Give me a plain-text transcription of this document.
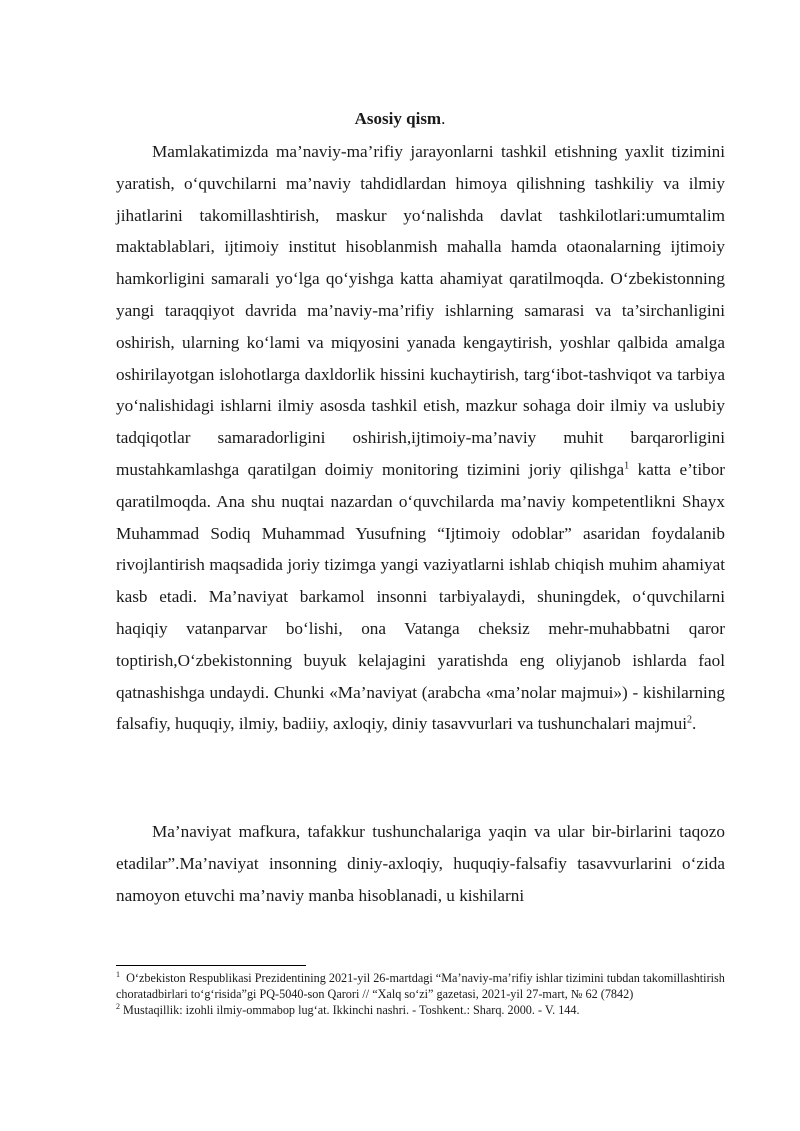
Asosiy qism.

Mamlakatimizda ma’naviy-ma’rifiy jarayonlarni tashkil etishning yaxlit tizimini yaratish, o‘quvchilarni ma’naviy tahdidlardan himoya qilishning tashkiliy va ilmiy jihatlarini takomillashtirish, maskur yo‘nalishda davlat tashkilotlari:umumtalim maktablablari, ijtimoiy institut hisoblanmish mahalla hamda otaonalarning ijtimoiy hamkorligini samarali yo‘lga qo‘yishga katta ahamiyat qaratilmoqda. O‘zbekistonning yangi taraqqiyot davrida ma’naviy-ma’rifiy ishlarning samarasi va ta’sirchanligini oshirish, ularning ko‘lami va miqyosini yanada kengaytirish, yoshlar qalbida amalga oshirilayotgan islohotlarga daxldorlik hissini kuchaytirish, targ‘ibot-tashviqot va tarbiya yo‘nalishidagi ishlarni ilmiy asosda tashkil etish, mazkur sohaga doir ilmiy va uslubiy tadqiqotlar samaradorligini oshirish,ijtimoiy-ma’naviy muhit barqarorligini mustahkamlashga qaratilgan doimiy monitoring tizimini joriy qilishga$^1$ katta e’tibor qaratilmoqda. Ana shu nuqtai nazardan o‘quvchilarda ma’naviy kompetentlikni Shayx Muhammad Sodiq Muhammad Yusufning “Ijtimoiy odoblar” asaridan foydalanib rivojlantirish maqsadida joriy tizimga yangi vaziyatlarni ishlab chiqish muhim ahamiyat kasb etadi. Ma’naviyat barkamol insonni tarbiyalaydi, shuningdek, o‘quvchilarni haqiqiy vatanparvar bo‘lishi, ona Vatanga cheksiz mehr-muhabbatni qaror toptirish,O‘zbekistonning buyuk kelajagini yaratishda eng oliyjanob ishlarda faol qatnashishga undaydi. Chunki «Ma’naviyat (arabcha «ma’nolar majmui») - kishilarning falsafiy, huquqiy, ilmiy, badiiy, axloqiy, diniy tasavvurlari va tushunchalari majmui$^2$.

Ma’naviyat mafkura, tafakkur tushunchalariga yaqin va ular bir-birlarini taqozo etadilar”.Ma’naviyat insonning diniy-axloqiy, huquqiy-falsafiy tasavvurlarini o‘zida namoyon etuvchi ma’naviy manba hisoblanadi, u kishilarni

$^1$ O‘zbekiston Respublikasi Prezidentining 2021-yil 26-martdagi “Ma’naviy-ma’rifiy ishlar tizimini tubdan takomillashtirish choratadbirlari to‘g‘risida”gi PQ-5040-son Qarori // “Xalq so‘zi” gazetasi, 2021-yil 27-mart, № 62 (7842)

$^2$ Mustaqillik: izohli ilmiy-ommabop lug‘at. Ikkinchi nashri. - Toshkent.: Sharq. 2000. - V. 144.
